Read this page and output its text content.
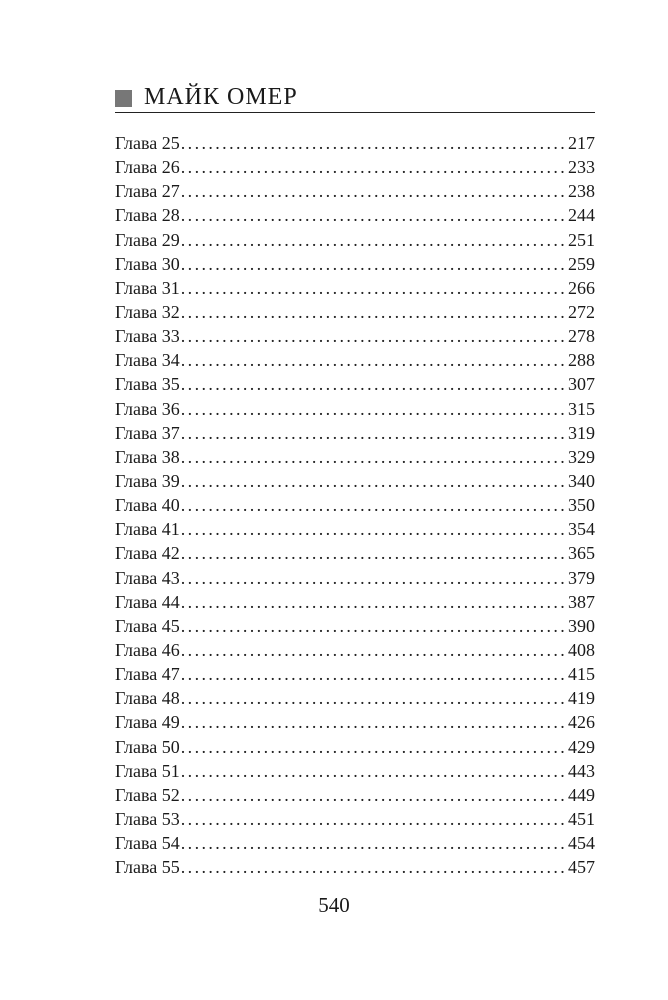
МАЙК ОМЕР
Глава 25 .....	217
Глава 26 .....	233
Глава 27 .....	238
Глава 28 .....	244
Глава 29 .....	251
Глава 30 .....	259
Глава 31 .....	266
Глава 32 .....	272
Глава 33 .....	278
Глава 34 .....	288
Глава 35 .....	307
Глава 36 .....	315
Глава 37 .....	319
Глава 38 .....	329
Глава 39 .....	340
Глава 40 .....	350
Глава 41 .....	354
Глава 42 .....	365
Глава 43 .....	379
Глава 44 .....	387
Глава 45 .....	390
Глава 46 .....	408
Глава 47 .....	415
Глава 48 .....	419
Глава 49 .....	426
Глава 50 .....	429
Глава 51 .....	443
Глава 52 .....	449
Глава 53 .....	451
Глава 54 .....	454
Глава 55 .....	457
540
